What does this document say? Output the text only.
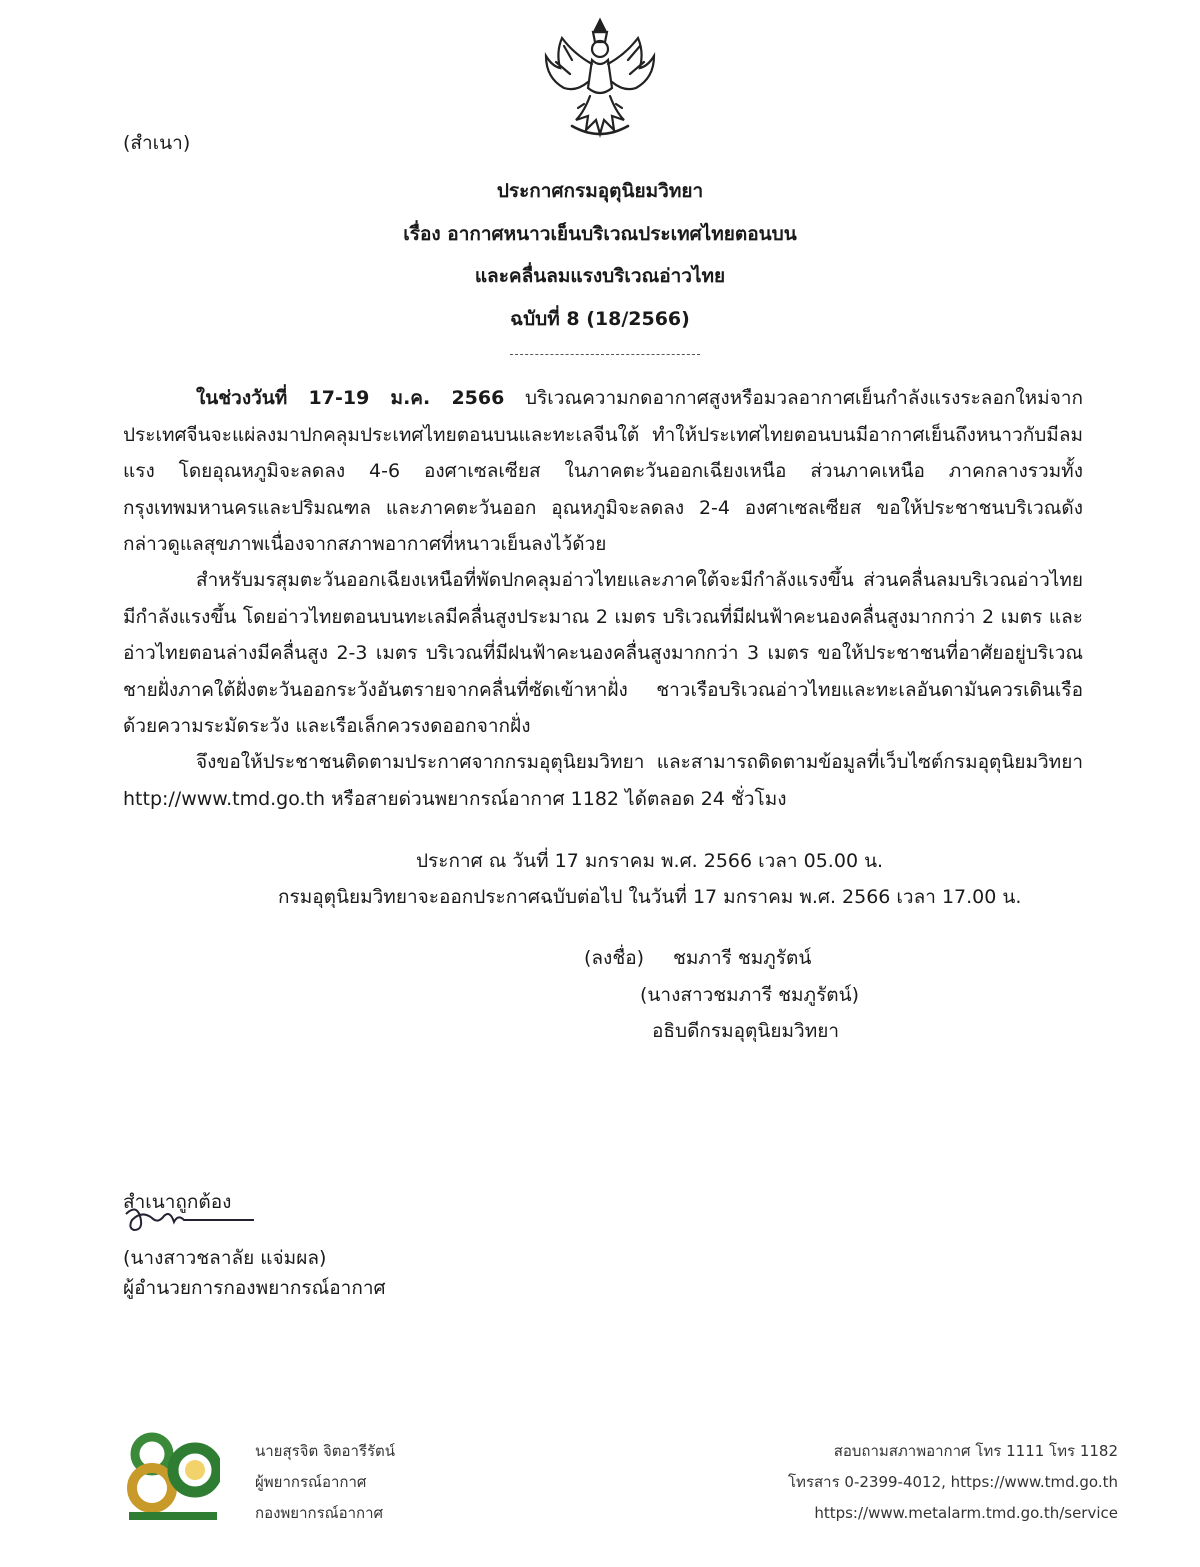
(สำเนา)
ประกาศกรมอุตุนิยมวิทยา
เรื่อง อากาศหนาวเย็นบริเวณประเทศไทยตอนบน
และคลื่นลมแรงบริเวณอ่าวไทย
ฉบับที่ 8 (18/2566)

ในช่วงวันที่ 17-19 ม.ค. 2566 บริเวณความกดอากาศสูงหรือมวลอากาศเย็นกำลังแรงระลอกใหม่จากประเทศจีนจะแผ่ลงมาปกคลุมประเทศไทยตอนบนและทะเลจีนใต้ ทำให้ประเทศไทยตอนบนมีอากาศเย็นถึงหนาวกับมีลมแรง โดยอุณหภูมิจะลดลง 4-6 องศาเซลเซียส ในภาคตะวันออกเฉียงเหนือ ส่วนภาคเหนือ ภาคกลางรวมทั้งกรุงเทพมหานครและปริมณฑล และภาคตะวันออก อุณหภูมิจะลดลง 2-4 องศาเซลเซียส ขอให้ประชาชนบริเวณดังกล่าวดูแลสุขภาพเนื่องจากสภาพอากาศที่หนาวเย็นลงไว้ด้วย

สำหรับมรสุมตะวันออกเฉียงเหนือที่พัดปกคลุมอ่าวไทยและภาคใต้จะมีกำลังแรงขึ้น ส่วนคลื่นลมบริเวณอ่าวไทยมีกำลังแรงขึ้น โดยอ่าวไทยตอนบนทะเลมีคลื่นสูงประมาณ 2 เมตร บริเวณที่มีฝนฟ้าคะนองคลื่นสูงมากกว่า 2 เมตร และอ่าวไทยตอนล่างมีคลื่นสูง 2-3 เมตร บริเวณที่มีฝนฟ้าคะนองคลื่นสูงมากกว่า 3 เมตร ขอให้ประชาชนที่อาศัยอยู่บริเวณชายฝั่งภาคใต้ฝั่งตะวันออกระวังอันตรายจากคลื่นที่ซัดเข้าหาฝั่ง ชาวเรือบริเวณอ่าวไทยและทะเลอันดามันควรเดินเรือด้วยความระมัดระวัง และเรือเล็กควรงดออกจากฝั่ง

จึงขอให้ประชาชนติดตามประกาศจากกรมอุตุนิยมวิทยา และสามารถติดตามข้อมูลที่เว็บไซต์กรมอุตุนิยมวิทยา http://www.tmd.go.th หรือสายด่วนพยากรณ์อากาศ 1182 ได้ตลอด 24 ชั่วโมง

ประกาศ ณ วันที่ 17 มกราคม พ.ศ. 2566 เวลา 05.00 น.
กรมอุตุนิยมวิทยาจะออกประกาศฉบับต่อไป ในวันที่ 17 มกราคม พ.ศ. 2566 เวลา 17.00 น.
(ลงชื่อ) ชมภารี ชมภูรัตน์
(นางสาวชมภารี ชมภูรัตน์)
อธิบดีกรมอุตุนิยมวิทยา
สำเนาถูกต้อง
(นางสาวชลาลัย แจ่มผล)
ผู้อำนวยการกองพยากรณ์อากาศ
นายสุรจิต จิตอารีรัตน์
ผู้พยากรณ์อากาศ
กองพยากรณ์อากาศ
สอบถามสภาพอากาศ โทร 1111 โทร 1182
โทรสาร 0-2399-4012, https://www.tmd.go.th
https://www.metalarm.tmd.go.th/service
